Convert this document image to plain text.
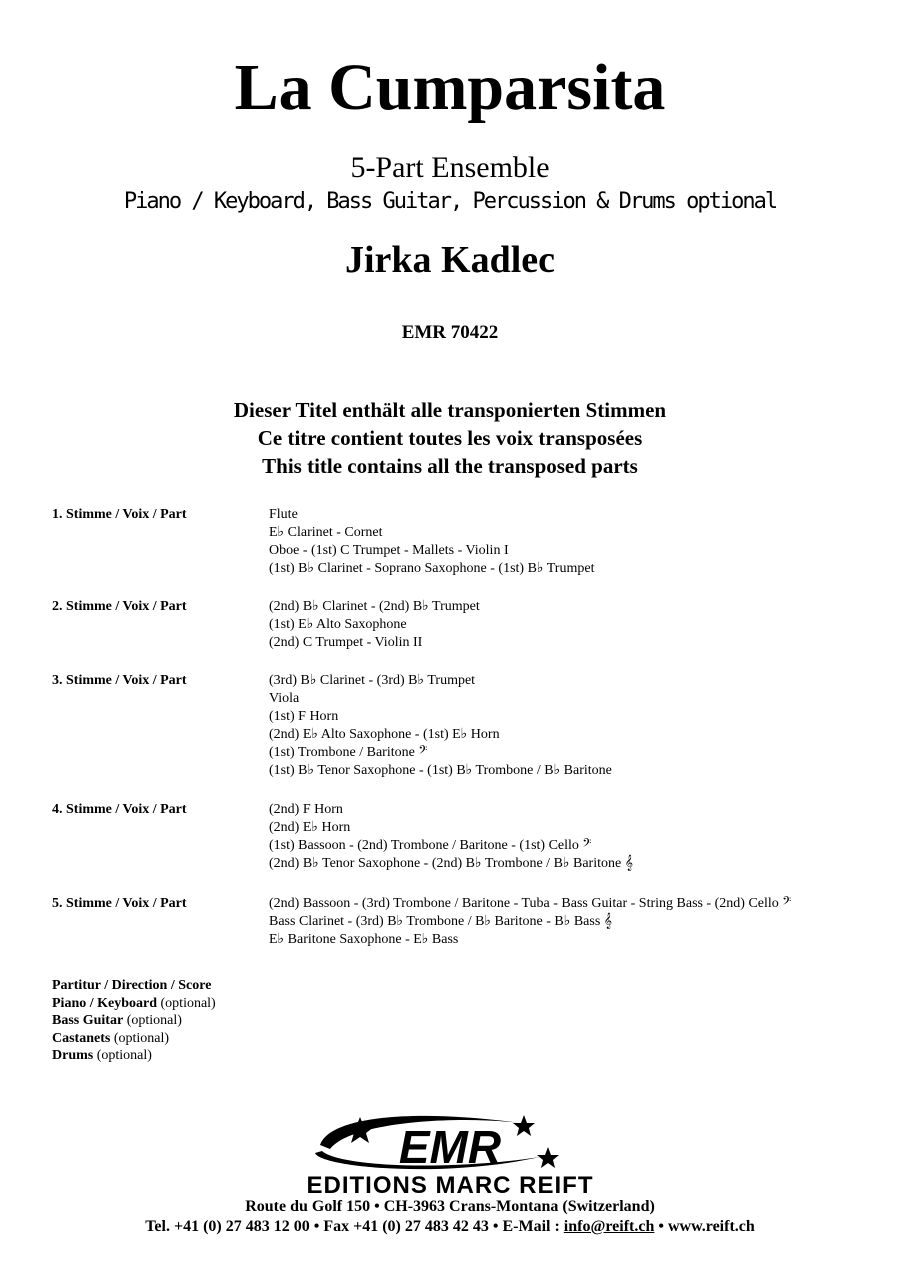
La Cumparsita
5-Part Ensemble
Piano / Keyboard, Bass Guitar, Percussion & Drums optional
Jirka Kadlec
EMR 70422
Dieser Titel enthält alle transponierten Stimmen
Ce titre contient toutes les voix transposées
This title contains all the transposed parts
1. Stimme / Voix / Part	Flute
E♭ Clarinet - Cornet
Oboe - (1st) C Trumpet - Mallets - Violin I
(1st) B♭ Clarinet - Soprano Saxophone - (1st) B♭ Trumpet
2. Stimme / Voix / Part	(2nd) B♭ Clarinet - (2nd) B♭ Trumpet
(1st) E♭ Alto Saxophone
(2nd) C Trumpet - Violin II
3. Stimme / Voix / Part	(3rd) B♭ Clarinet - (3rd) B♭ Trumpet
Viola
(1st) F Horn
(2nd) E♭ Alto Saxophone - (1st) E♭ Horn
(1st) Trombone / Baritone 𝄢
(1st) B♭ Tenor Saxophone - (1st) B♭ Trombone / B♭ Baritone
4. Stimme / Voix / Part	(2nd) F Horn
(2nd) E♭ Horn
(1st) Bassoon - (2nd) Trombone / Baritone - (1st) Cello 𝄢
(2nd) B♭ Tenor Saxophone - (2nd) B♭ Trombone / B♭ Baritone 𝄞
5. Stimme / Voix / Part	(2nd) Bassoon - (3rd) Trombone / Baritone - Tuba - Bass Guitar - String Bass - (2nd) Cello 𝄢
Bass Clarinet - (3rd) B♭ Trombone / B♭ Baritone - B♭ Bass 𝄞
E♭ Baritone Saxophone - E♭ Bass
Partitur / Direction / Score
Piano / Keyboard (optional)
Bass Guitar (optional)
Castanets (optional)
Drums (optional)
EMR
EDITIONS MARC REIFT
Route du Golf 150 • CH-3963 Crans-Montana (Switzerland)
Tel. +41 (0) 27 483 12 00 • Fax +41 (0) 27 483 42 43 • E-Mail : info@reift.ch • www.reift.ch
